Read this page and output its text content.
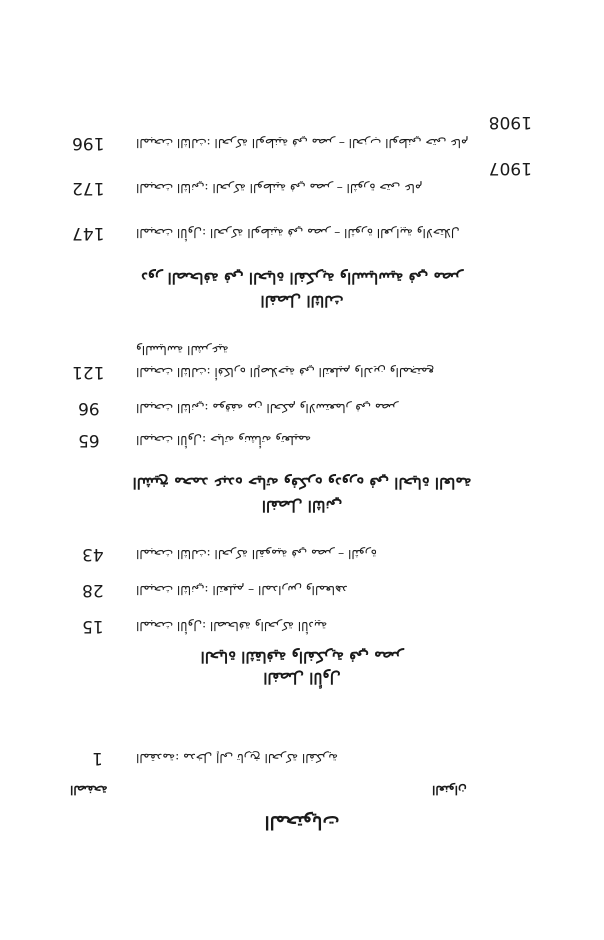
المحتويات
الصفحة	العنوان
1	المقدمة: مدخل إلى تاريخ الحركة الفكرية
الفصل الأول
الحياة الثقافية والفكرية في مصر
15	المبحث الأول: الصحافة والحركة الأدبية
28	المبحث الثاني: التعليم – المدارس والمعاهد
43	المبحث الثالث: الحركة القومية في مصر – الثورة
الفصل الثاني
الشيخ محمد عبده حياته وفكره ودوره في الحياة العامة
65	المبحث الأول: حياته ونشأته وتعليمه
96	المبحث الثاني: موقفه من الحكم والاستعمار في مصر
121	المبحث الثالث: أفكاره الإصلاحية في التعليم والدين والمجتمع
والسياسة الشرعية
الفصل الثالث
دور الصحافة في الحياة الفكرية والسياسية في مصر
147	المبحث الأول: الحركة الوطنية في مصر – الثورة العرابية والاحتلال
172	المبحث الثاني: الحركة الوطنية في مصر – الثورة حتى عام
1907
196	المبحث الثالث: الحركة الوطنية في مصر – الحزب الوطني حتى عام
1908
